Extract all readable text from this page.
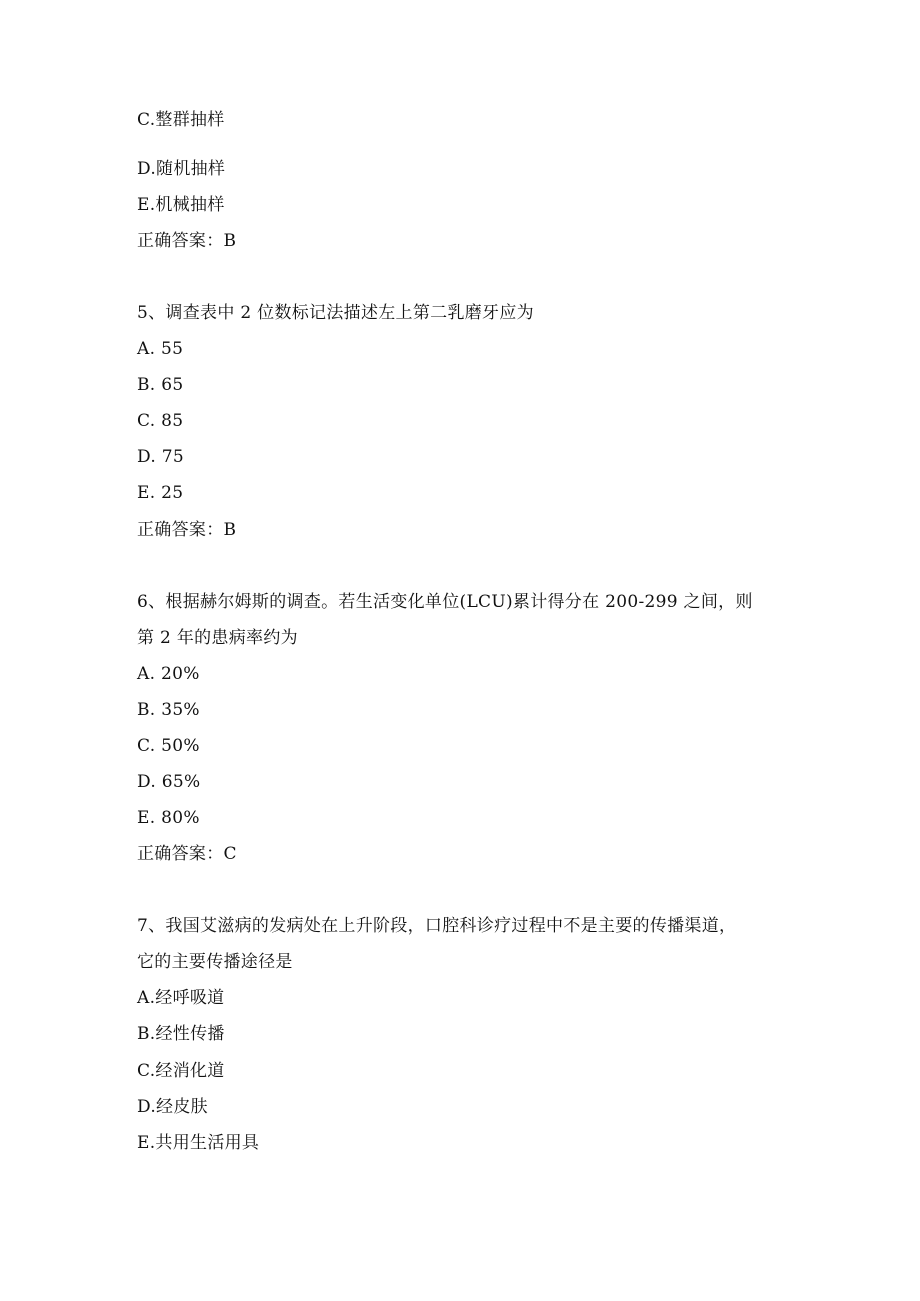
C.整群抽样
D.随机抽样
E.机械抽样
正确答案：B
5、调查表中 2 位数标记法描述左上第二乳磨牙应为
A. 55
B. 65
C. 85
D. 75
E. 25
正确答案：B
6、根据赫尔姆斯的调查。若生活变化单位(LCU)累计得分在 200-299 之间，则
第 2 年的患病率约为
A. 20%
B. 35%
C. 50%
D. 65%
E. 80%
正确答案：C
7、我国艾滋病的发病处在上升阶段，口腔科诊疗过程中不是主要的传播渠道，
它的主要传播途径是
A.经呼吸道
B.经性传播
C.经消化道
D.经皮肤
E.共用生活用具
